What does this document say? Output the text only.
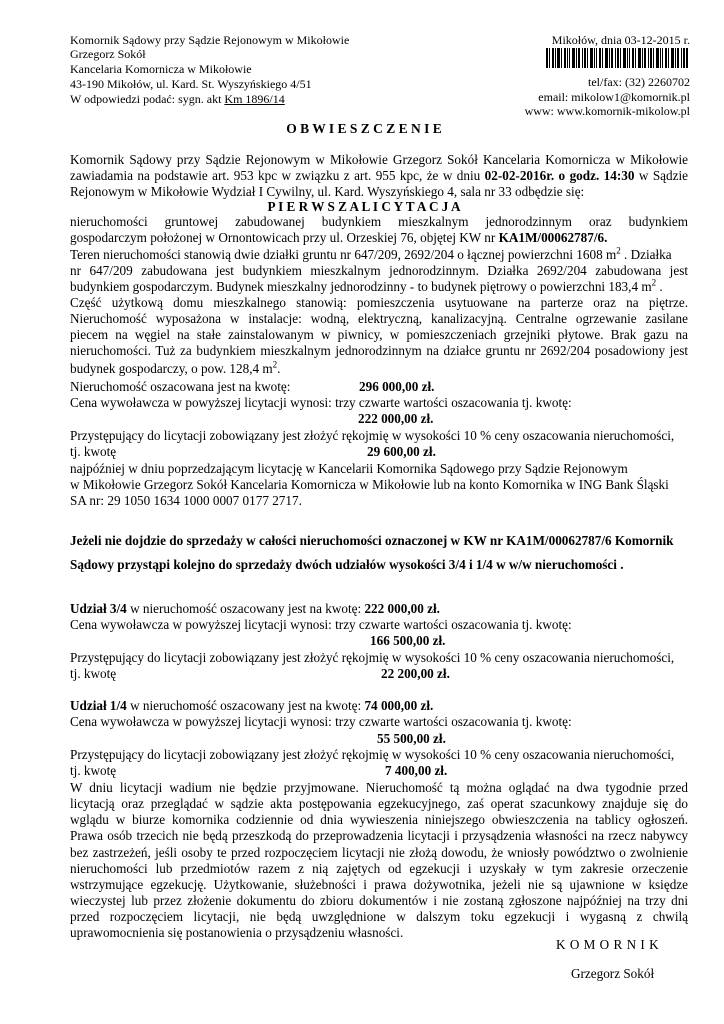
Komornik Sądowy przy Sądzie Rejonowym w Mikołowie
Grzegorz Sokół
Kancelaria Komornicza w Mikołowie
43-190 Mikołów, ul. Kard. St. Wyszyńskiego 4/51
W odpowiedzi podać: sygn. akt Km 1896/14
Mikołów, dnia 03-12-2015 r.
tel/fax: (32) 2260702
email: mikolow1@komornik.pl
www: www.komornik-mikolow.pl
O B W I E S Z C Z E N I E
Komornik Sądowy przy Sądzie Rejonowym w Mikołowie Grzegorz Sokół Kancelaria Komornicza w Mikołowie
zawiadamia na podstawie art. 953 kpc w związku z art. 955 kpc, że w dniu 02-02-2016r. o godz. 14:30 w Sądzie
Rejonowym w Mikołowie Wydział I Cywilny, ul. Kard. Wyszyńskiego 4, sala nr 33 odbędzie się:
P I E R W S Z A L I C Y T A C J A
nieruchomości gruntowej zabudowanej budynkiem mieszkalnym jednorodzinnym oraz budynkiem
gospodarczym położonej w Ornontowicach przy ul. Orzeskiej 76, objętej KW nr KA1M/00062787/6.
Teren nieruchomości stanowią dwie działki gruntu nr 647/209, 2692/204 o łącznej powierzchni 1608 $m^2$ . Działka
nr 647/209 zabudowana jest budynkiem mieszkalnym jednorodzinnym. Działka 2692/204 zabudowana jest
budynkiem gospodarczym. Budynek mieszkalny jednorodzinny - to budynek piętrowy o powierzchni 183,4 $m^2$ .
Część użytkową domu mieszkalnego stanowią: pomieszczenia usytuowane na parterze oraz na piętrze.
Nieruchomość wyposażona w instalacje: wodną, elektryczną, kanalizacyjną. Centralne ogrzewanie zasilane
piecem na węgiel na stałe zainstalowanym w piwnicy, w pomieszczeniach grzejniki płytowe. Brak gazu na
nieruchomości. Tuż za budynkiem mieszkalnym jednorodzinnym na działce gruntu nr 2692/204 posadowiony jest
budynek gospodarczy, o pow. 128,4 $m^2$.
Nieruchomość oszacowana jest na kwotę:	296 000,00 zł.
Cena wywoławcza w powyższej licytacji wynosi: trzy czwarte wartości oszacowania tj. kwotę:
222 000,00 zł.
Przystępujący do licytacji zobowiązany jest złożyć rękojmię w wysokości 10 % ceny oszacowania nieruchomości,
tj. kwotę	29 600,00 zł.
najpóźniej w dniu poprzedzającym licytację w Kancelarii Komornika Sądowego przy Sądzie Rejonowym
w Mikołowie Grzegorz Sokół Kancelaria Komornicza w Mikołowie lub na konto Komornika w ING Bank Śląski
SA nr: 29 1050 1634 1000 0007 0177 2717.
Jeżeli nie dojdzie do sprzedaży w całości nieruchomości oznaczonej w KW nr KA1M/00062787/6 Komornik
Sądowy przystąpi kolejno do sprzedaży dwóch udziałów wysokości 3/4 i 1/4 w w/w nieruchomości .
Udział 3/4 w nieruchomość oszacowany jest na kwotę: 222 000,00 zł.
Cena wywoławcza w powyższej licytacji wynosi: trzy czwarte wartości oszacowania tj. kwotę:
166 500,00 zł.
Przystępujący do licytacji zobowiązany jest złożyć rękojmię w wysokości 10 % ceny oszacowania nieruchomości,
tj. kwotę	22 200,00 zł.
Udział 1/4 w nieruchomość oszacowany jest na kwotę: 74 000,00 zł.
Cena wywoławcza w powyższej licytacji wynosi: trzy czwarte wartości oszacowania tj. kwotę:
55 500,00 zł.
Przystępujący do licytacji zobowiązany jest złożyć rękojmię w wysokości 10 % ceny oszacowania nieruchomości,
tj. kwotę	7 400,00 zł.
W dniu licytacji wadium nie będzie przyjmowane. Nieruchomość tą można oglądać na dwa tygodnie przed
licytacją oraz przeglądać w sądzie akta postępowania egzekucyjnego, zaś operat szacunkowy znajduje się do
wglądu w biurze komornika codziennie od dnia wywieszenia niniejszego obwieszczenia na tablicy ogłoszeń.
Prawa osób trzecich nie będą przeszkodą do przeprowadzenia licytacji i przysądzenia własności na rzecz nabywcy
bez zastrzeżeń, jeśli osoby te przed rozpoczęciem licytacji nie złożą dowodu, że wniosły powództwo o zwolnienie
nieruchomości lub przedmiotów razem z nią zajętych od egzekucji i uzyskały w tym zakresie orzeczenie
wstrzymujące egzekucję. Użytkowanie, służebności i prawa dożywotnika, jeżeli nie są ujawnione w księdze
wieczystej lub przez złożenie dokumentu do zbioru dokumentów i nie zostaną zgłoszone najpóźniej na trzy dni
przed rozpoczęciem licytacji, nie będą uwzględnione w dalszym toku egzekucji i wygasną z chwilą
uprawomocnienia się postanowienia o przysądzeniu własności.
K O M O R N I K
Grzegorz Sokół
